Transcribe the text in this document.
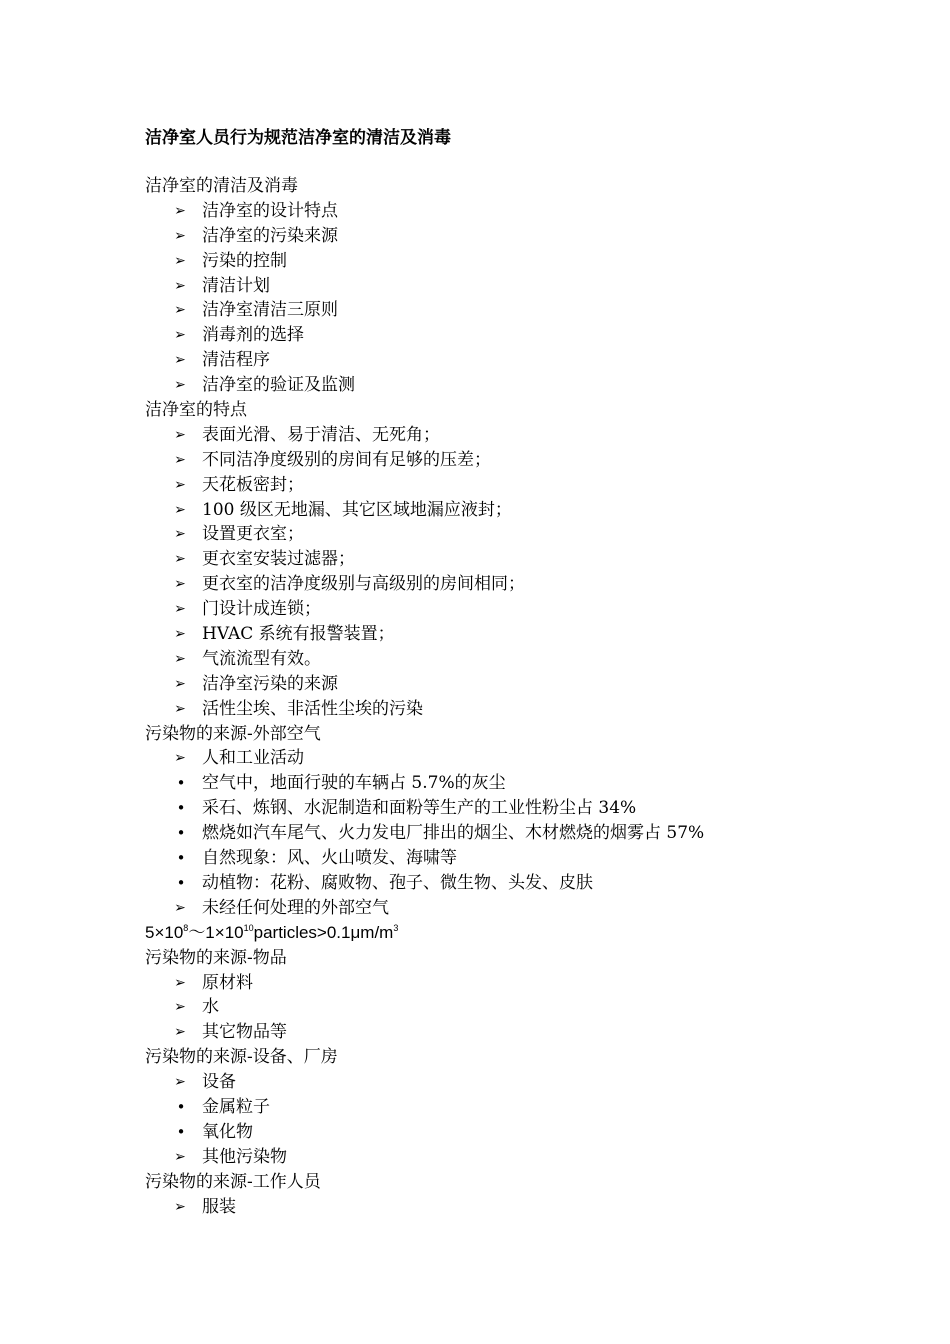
洁净室人员行为规范洁净室的清洁及消毒
洁净室的清洁及消毒
➢ 洁净室的设计特点
➢ 洁净室的污染来源
➢ 污染的控制
➢ 清洁计划
➢ 洁净室清洁三原则
➢ 消毒剂的选择
➢ 清洁程序
➢ 洁净室的验证及监测
洁净室的特点
➢ 表面光滑、易于清洁、无死角；
➢ 不同洁净度级别的房间有足够的压差；
➢ 天花板密封；
➢ 100 级区无地漏、其它区域地漏应液封；
➢ 设置更衣室；
➢ 更衣室安装过滤器；
➢ 更衣室的洁净度级别与高级别的房间相同；
➢ 门设计成连锁；
➢ HVAC 系统有报警装置；
➢ 气流流型有效。
➢ 洁净室污染的来源
➢ 活性尘埃、非活性尘埃的污染
污染物的来源-外部空气
➢ 人和工业活动
• 空气中，地面行驶的车辆占 5.7%的灰尘
• 采石、炼钢、水泥制造和面粉等生产的工业性粉尘占 34%
• 燃烧如汽车尾气、火力发电厂排出的烟尘、木材燃烧的烟雾占 57%
• 自然现象：风、火山喷发、海啸等
• 动植物：花粉、腐败物、孢子、微生物、头发、皮肤
➢ 未经任何处理的外部空气
$5\times 10^8\sim 1\times 10^{10}particles>0.1\mu m/m^3$
污染物的来源-物品
➢ 原材料
➢ 水
➢ 其它物品等
污染物的来源-设备、厂房
➢ 设备
• 金属粒子
• 氧化物
➢ 其他污染物
污染物的来源-工作人员
➢ 服装
